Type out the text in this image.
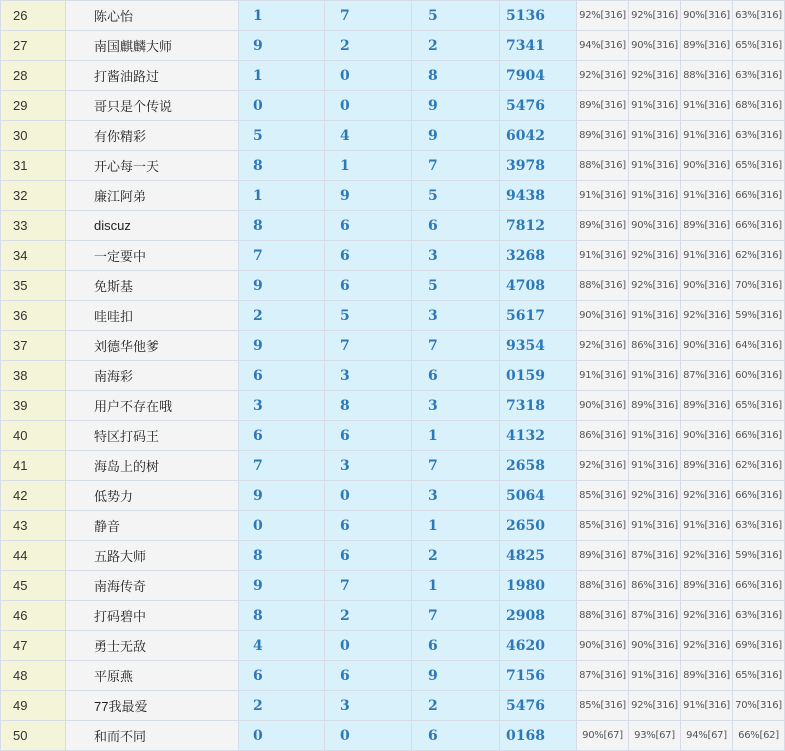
26	陈心怡	1	7	5	5136	92%[316]	92%[316]	90%[316]	63%[316]
27	南国麒麟大师	9	2	2	7341	94%[316]	90%[316]	89%[316]	65%[316]
28	打酱油路过	1	0	8	7904	92%[316]	92%[316]	88%[316]	63%[316]
29	哥只是个传说	0	0	9	5476	89%[316]	91%[316]	91%[316]	68%[316]
30	有你精彩	5	4	9	6042	89%[316]	91%[316]	91%[316]	63%[316]
31	开心每一天	8	1	7	3978	88%[316]	91%[316]	90%[316]	65%[316]
32	廉江阿弟	1	9	5	9438	91%[316]	91%[316]	91%[316]	66%[316]
33	discuz	8	6	6	7812	89%[316]	90%[316]	89%[316]	66%[316]
34	一定要中	7	6	3	3268	91%[316]	92%[316]	91%[316]	62%[316]
35	免斯基	9	6	5	4708	88%[316]	92%[316]	90%[316]	70%[316]
36	哇哇扣	2	5	3	5617	90%[316]	91%[316]	92%[316]	59%[316]
37	刘德华他爹	9	7	7	9354	92%[316]	86%[316]	90%[316]	64%[316]
38	南海彩	6	3	6	0159	91%[316]	91%[316]	87%[316]	60%[316]
39	用户不存在哦	3	8	3	7318	90%[316]	89%[316]	89%[316]	65%[316]
40	特区打码王	6	6	1	4132	86%[316]	91%[316]	90%[316]	66%[316]
41	海岛上的树	7	3	7	2658	92%[316]	91%[316]	89%[316]	62%[316]
42	低势力	9	0	3	5064	85%[316]	92%[316]	92%[316]	66%[316]
43	静音	0	6	1	2650	85%[316]	91%[316]	91%[316]	63%[316]
44	五路大师	8	6	2	4825	89%[316]	87%[316]	92%[316]	59%[316]
45	南海传奇	9	7	1	1980	88%[316]	86%[316]	89%[316]	66%[316]
46	打码碧中	8	2	7	2908	88%[316]	87%[316]	92%[316]	63%[316]
47	勇士无敌	4	0	6	4620	90%[316]	90%[316]	92%[316]	69%[316]
48	平原燕	6	6	9	7156	87%[316]	91%[316]	89%[316]	65%[316]
49	77我最爱	2	3	2	5476	85%[316]	92%[316]	91%[316]	70%[316]
50	和而不同	0	0	6	0168	90%[67]	93%[67]	94%[67]	66%[62]
